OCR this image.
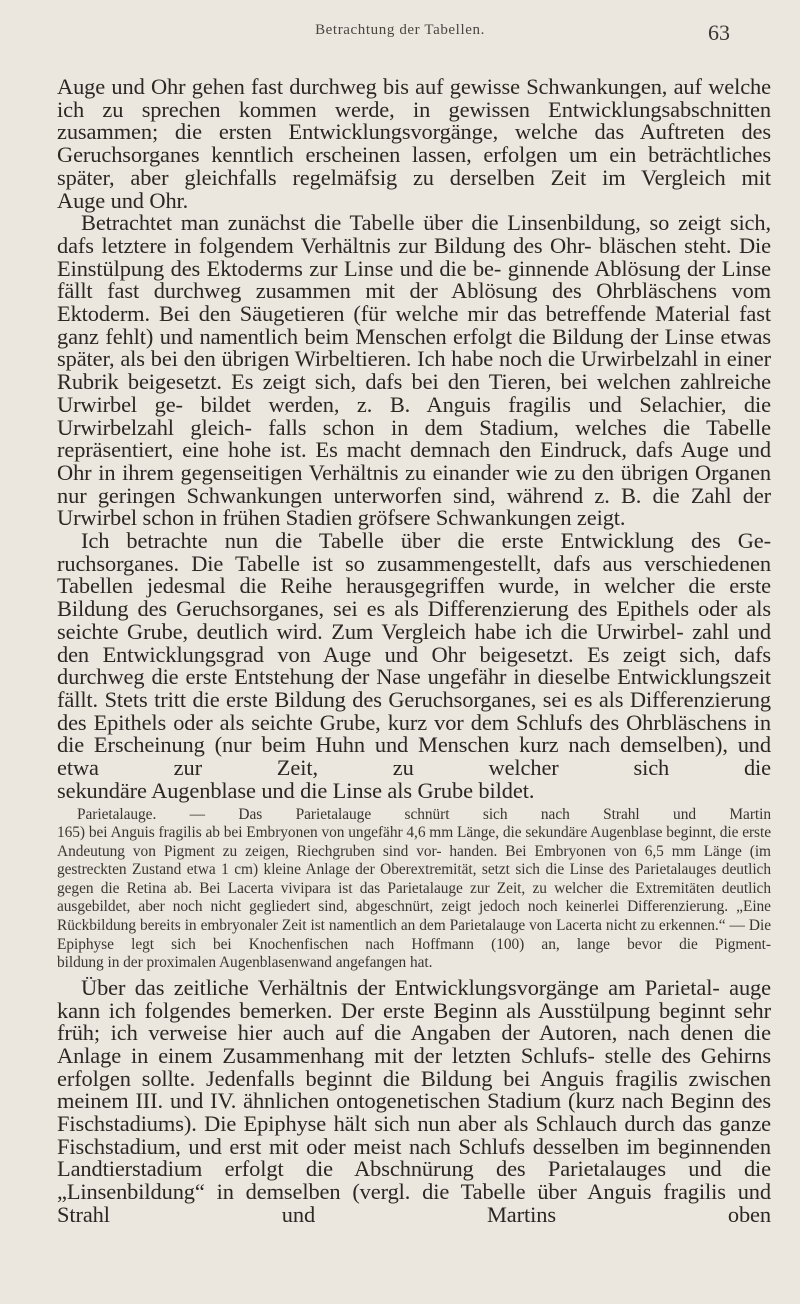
Betrachtung der Tabellen.	63

Auge und Ohr gehen fast durchweg bis auf gewisse Schwankungen, auf welche ich zu sprechen kommen werde, in gewissen Entwicklungsabschnitten zusammen; die ersten Entwicklungsvorgänge, welche das Auftreten des Geruchsorganes kenntlich erscheinen lassen, erfolgen um ein beträchtliches später, aber gleichfalls regelmäfsig zu derselben Zeit im Vergleich mit

Auge und Ohr.

Betrachtet man zunächst die Tabelle über die Linsenbildung, so zeigt sich, dafs letztere in folgendem Verhältnis zur Bildung des Ohr- bläschen steht. Die Einstülpung des Ektoderms zur Linse und die be- ginnende Ablösung der Linse fällt fast durchweg zusammen mit der Ablösung des Ohrbläschens vom Ektoderm. Bei den Säugetieren (für welche mir das betreffende Material fast ganz fehlt) und namentlich beim Menschen erfolgt die Bildung der Linse etwas später, als bei den übrigen Wirbeltieren. Ich habe noch die Urwirbelzahl in einer Rubrik beigesetzt. Es zeigt sich, dafs bei den Tieren, bei welchen zahlreiche Urwirbel ge- bildet werden, z. B. Anguis fragilis und Selachier, die Urwirbelzahl gleich- falls schon in dem Stadium, welches die Tabelle repräsentiert, eine hohe ist. Es macht demnach den Eindruck, dafs Auge und Ohr in ihrem gegenseitigen Verhältnis zu einander wie zu den übrigen Organen nur geringen Schwankungen unterworfen sind, während z. B. die Zahl der

Urwirbel schon in frühen Stadien gröfsere Schwankungen zeigt.

Ich betrachte nun die Tabelle über die erste Entwicklung des Ge- ruchsorganes. Die Tabelle ist so zusammengestellt, dafs aus verschiedenen Tabellen jedesmal die Reihe herausgegriffen wurde, in welcher die erste Bildung des Geruchsorganes, sei es als Differenzierung des Epithels oder als seichte Grube, deutlich wird. Zum Vergleich habe ich die Urwirbel- zahl und den Entwicklungsgrad von Auge und Ohr beigesetzt. Es zeigt sich, dafs durchweg die erste Entstehung der Nase ungefähr in dieselbe Entwicklungszeit fällt. Stets tritt die erste Bildung des Geruchsorganes, sei es als Differenzierung des Epithels oder als seichte Grube, kurz vor dem Schlufs des Ohrbläschens in die Erscheinung (nur beim Huhn und Menschen kurz nach demselben), und etwa zur Zeit, zu welcher sich die

sekundäre Augenblase und die Linse als Grube bildet.

Parietalauge. — Das Parietalauge schnürt sich nach Strahl und Martin
165) bei Anguis fragilis ab bei Embryonen von ungefähr 4,6 mm Länge, die sekundäre Augenblase beginnt, die erste Andeutung von Pigment zu zeigen, Riechgruben sind vor- handen. Bei Embryonen von 6,5 mm Länge (im gestreckten Zustand etwa 1 cm) kleine Anlage der Oberextremität, setzt sich die Linse des Parietalauges deutlich gegen die Retina ab. Bei Lacerta vivipara ist das Parietalauge zur Zeit, zu welcher die Extremitäten deutlich ausgebildet, aber noch nicht gegliedert sind, abgeschnürt, zeigt jedoch noch keinerlei Differenzierung. „Eine Rückbildung bereits in embryonaler Zeit ist namentlich an dem Parietalauge von Lacerta nicht zu erkennen.“ — Die Epiphyse legt sich bei Knochenfischen nach Hoffmann (100) an, lange bevor die Pigment-

bildung in der proximalen Augenblasenwand angefangen hat.

Über das zeitliche Verhältnis der Entwicklungsvorgänge am Parietal- auge kann ich folgendes bemerken. Der erste Beginn als Ausstülpung beginnt sehr früh; ich verweise hier auch auf die Angaben der Autoren, nach denen die Anlage in einem Zusammenhang mit der letzten Schlufs- stelle des Gehirns erfolgen sollte. Jedenfalls beginnt die Bildung bei Anguis fragilis zwischen meinem III. und IV. ähnlichen ontogenetischen Stadium (kurz nach Beginn des Fischstadiums). Die Epiphyse hält sich nun aber als Schlauch durch das ganze Fischstadium, und erst mit oder meist nach Schlufs desselben im beginnenden Landtierstadium erfolgt die Abschnürung des Parietalauges und die „Linsenbildung“ in demselben (vergl. die Tabelle über Anguis fragilis und Strahl und Martins oben
